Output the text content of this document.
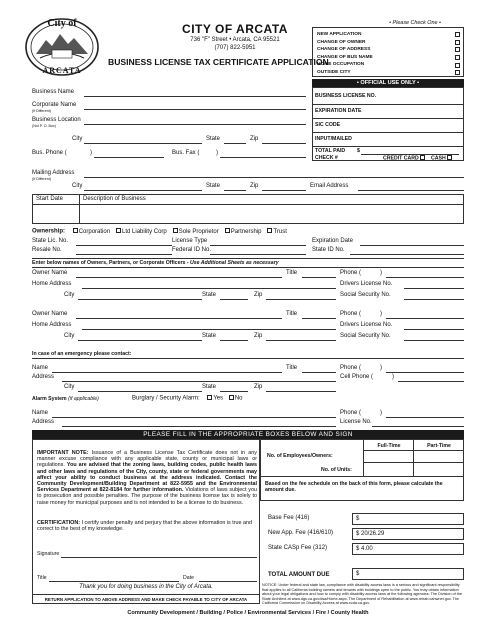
City of
ARCATA
CITY OF ARCATA
736 "F" Street • Arcata, CA 95521
(707) 822-5951
BUSINESS LICENSE TAX CERTIFICATE APPLICATION
• Please Check One •
NEW APPLICATION
CHANGE OF OWNER
CHANGE OF ADDRESS
CHANGE OF BUS NAME
HOME OCCUPATION
OUTSIDE CITY
• OFFICIAL USE ONLY •
BUSINESS LICENSE NO.
EXPIRATION DATE
SIC CODE
INPUT/MAILED
TOTAL PAID $
CHECK #	CREDIT CARD	CASH
Business Name
Corporate Name
(If Different)
Business Location
(Not P. O. Box)
City	State	Zip
Bus. Phone (	)	Bus. Fax (	)
Mailing Address
(If Different)
City	State	Zip	Email Address
Start Date	Description of Business
Ownership: Corporation Ltd Liability Corp Sole Proprietor Partnership Trust
State Lic. No.	License Type	Expiration Date
Resale No.	Federal ID No.	State ID No.
Enter below names of Owners, Partners, or Corporate Officers - Use Additional Sheets as necessary
Owner Name	Title	Phone (	)
Home Address	Drivers License No.
City	State	Zip	Social Security No.
Owner Name	Title	Phone (	)
Home Address	Drivers License No.
City	State	Zip	Social Security No.
In case of an emergency please contact:
Name	Title	Phone (	)
Address	Cell Phone (	)
City	State	Zip
Alarm System (if applicable)	Burglary / Security Alarm: Yes No
Name	Phone (	)
Address	License No.
PLEASE FILL IN THE APPROPRIATE BOXES BELOW AND SIGN
IMPORTANT NOTE: Issuance of a Business License Tax Certificate does not in any manner excuse compliance with any applicable state, county or municipal laws or regulations. You are advised that the zoning laws, building codes, public health laws and other laws and regulations of the City, county, state or federal governments may affect your ability to conduct business at the address indicated. Contact the Community Development/Building Department at 822-5955 and the Environmental Services Department at 822-8184 for further information. Violations of laws subject you to prosecution and possible penalties. The purpose of the business license tax is solely to raise money for municipal purposes and is not intended to be a license to do business.
CERTIFICATION: I certify under penalty and perjury that the above information is true and correct to the best of my knowledge.
Signature
Title	Date
Thank you for doing business in the City of Arcata.
RETURN APPLICATION TO ABOVE ADDRESS AND MAKE CHECK PAYABLE TO CITY OF ARCATA
Full-Time	Part-Time
No. of Employees/Owners:
No. of Units:
Based on the fee schedule on the back of this form, please calculate the amount due.
Base Fee (416)	$
New App. Fee (416/610)	$ 20/26.29
State CASp Fee (312)	$ 4.00
TOTAL AMOUNT DUE	$
NOTICE: Under federal and state law, compliance with disability access laws is a serious and significant responsibility that applies to all California building owners and tenants with buildings open to the public. You may obtain information about your legal obligations and how to comply with disability access laws at the following agencies: The Division of the State Architect at www.dgs.ca.gov/dsa/Home.aspx. The Department of Rehabilitation at www.rehab.cahwnet.gov. The California Commission on Disability Access at www.ccda.ca.gov.
Community Development / Building / Police / Environmental Services / Fire / County Health
